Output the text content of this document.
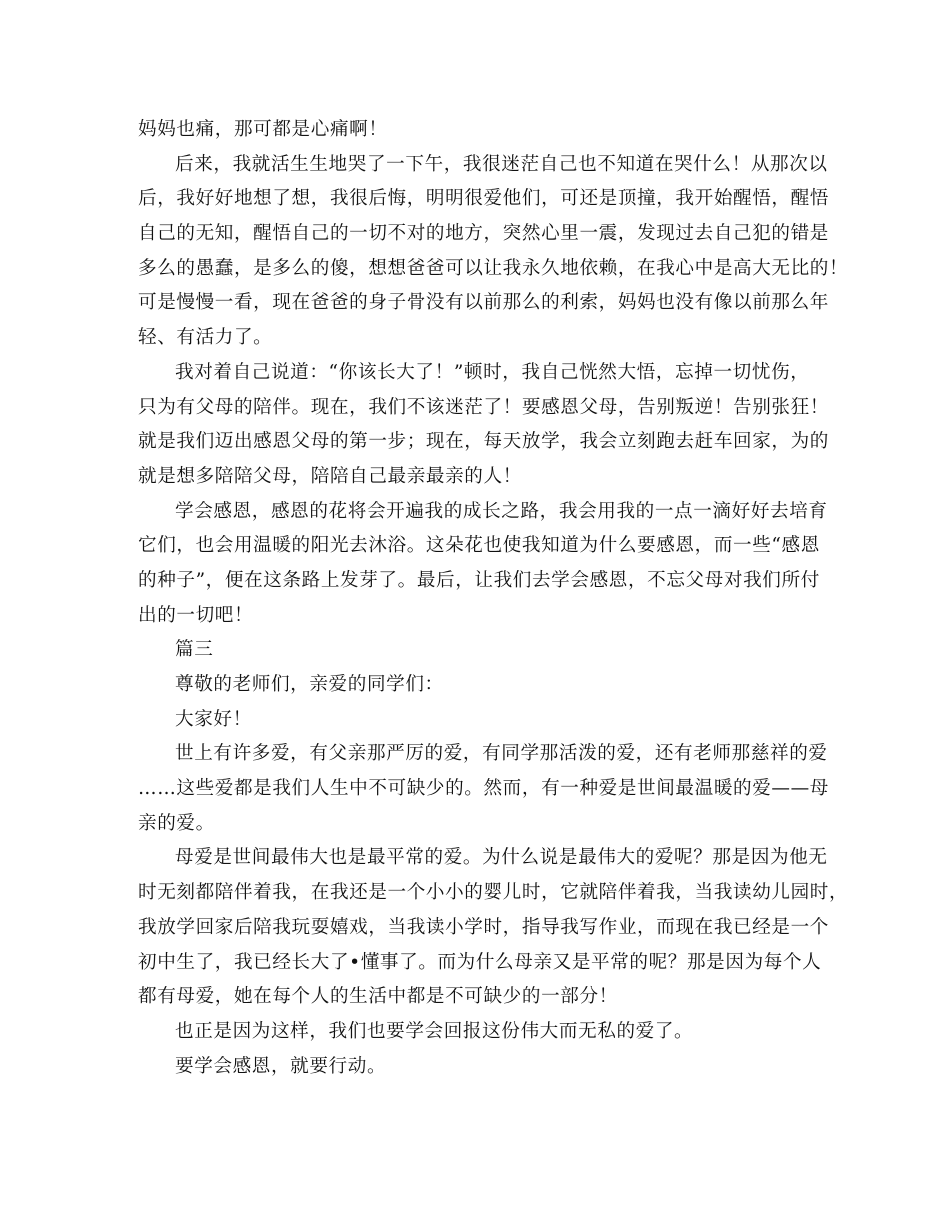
妈妈也痛，那可都是心痛啊！
后来，我就活生生地哭了一下午，我很迷茫自己也不知道在哭什么！从那次以
后，我好好地想了想，我很后悔，明明很爱他们，可还是顶撞，我开始醒悟，醒悟
自己的无知，醒悟自己的一切不对的地方，突然心里一震，发现过去自己犯的错是
多么的愚蠢，是多么的傻，想想爸爸可以让我永久地依赖，在我心中是高大无比的！
可是慢慢一看，现在爸爸的身子骨没有以前那么的利索，妈妈也没有像以前那么年
轻、有活力了。
我对着自己说道：“你该长大了！”顿时，我自己恍然大悟，忘掉一切忧伤，
只为有父母的陪伴。现在，我们不该迷茫了！要感恩父母，告别叛逆！告别张狂！
就是我们迈出感恩父母的第一步；现在，每天放学，我会立刻跑去赶车回家，为的
就是想多陪陪父母，陪陪自己最亲最亲的人！
学会感恩，感恩的花将会开遍我的成长之路，我会用我的一点一滴好好去培育
它们，也会用温暖的阳光去沐浴。这朵花也使我知道为什么要感恩，而一些“感恩
的种子”，便在这条路上发芽了。最后，让我们去学会感恩，不忘父母对我们所付
出的一切吧！
篇三
尊敬的老师们，亲爱的同学们：
大家好！
世上有许多爱，有父亲那严厉的爱，有同学那活泼的爱，还有老师那慈祥的爱
……这些爱都是我们人生中不可缺少的。然而，有一种爱是世间最温暖的爱——母
亲的爱。
母爱是世间最伟大也是最平常的爱。为什么说是最伟大的爱呢？那是因为他无
时无刻都陪伴着我，在我还是一个小小的婴儿时，它就陪伴着我，当我读幼儿园时，
我放学回家后陪我玩耍嬉戏，当我读小学时，指导我写作业，而现在我已经是一个
初中生了，我已经长大了•懂事了。而为什么母亲又是平常的呢？那是因为每个人
都有母爱，她在每个人的生活中都是不可缺少的一部分！
也正是因为这样，我们也要学会回报这份伟大而无私的爱了。
要学会感恩，就要行动。
